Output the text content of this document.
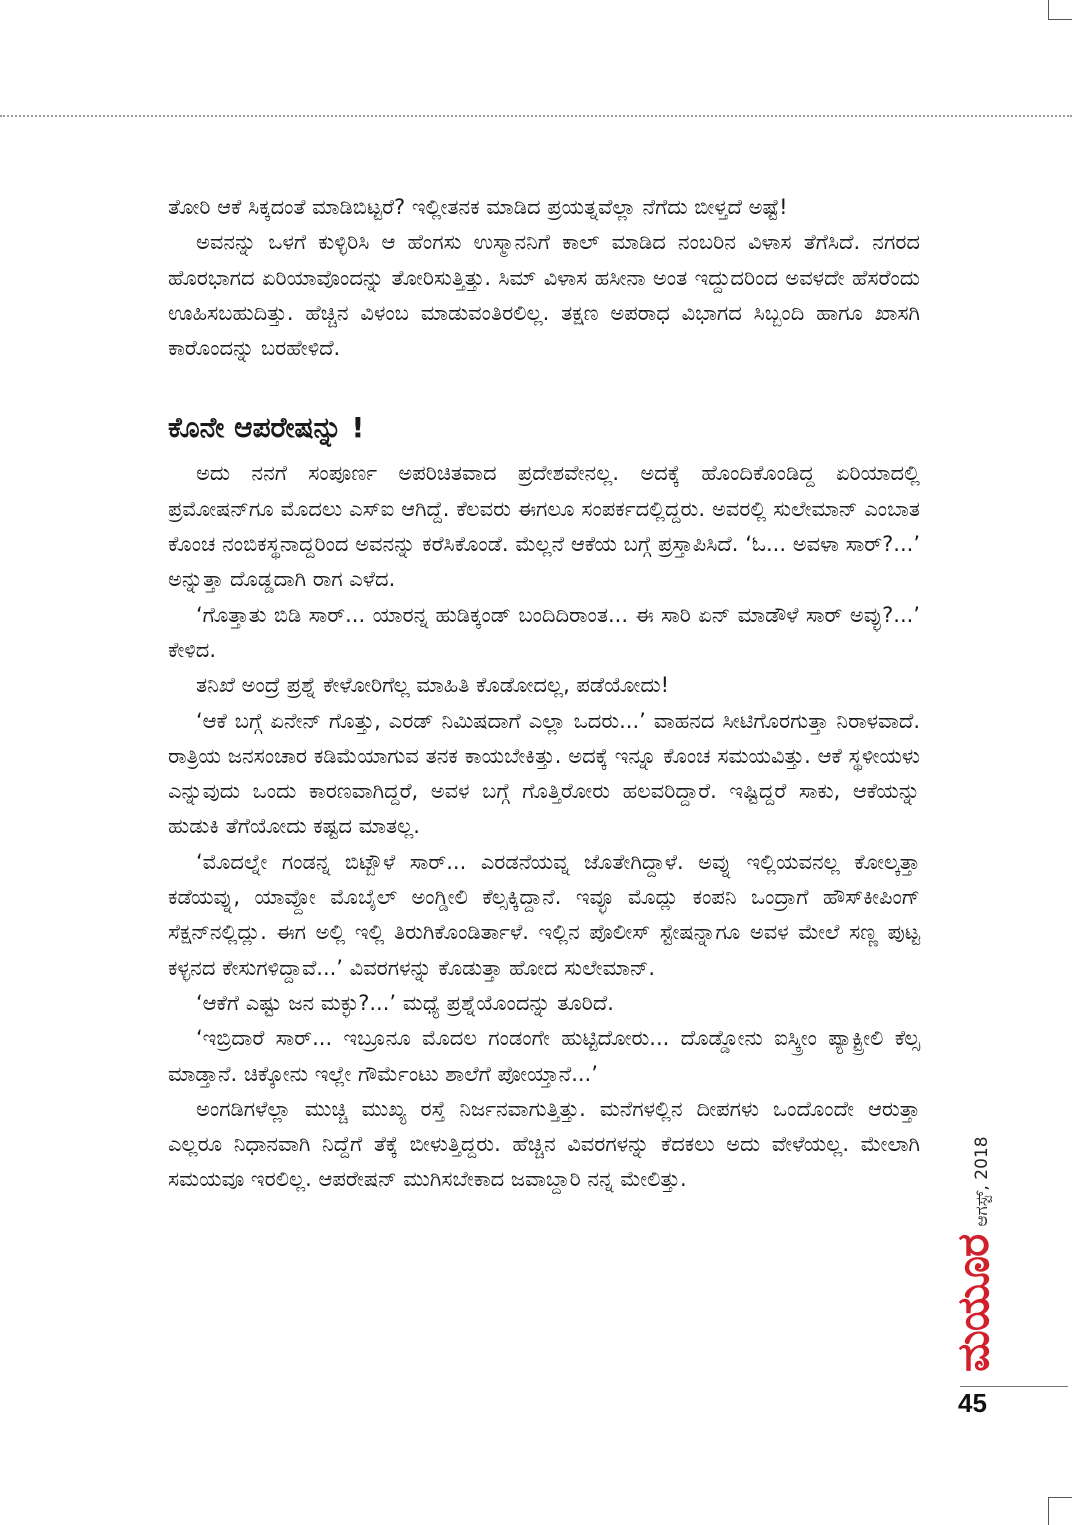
ತೋರಿ ಆಕೆ ಸಿಕ್ಕದಂತೆ ಮಾಡಿಬಿಟ್ಟರೆ? ಇಲ್ಲೀತನಕ ಮಾಡಿದ ಪ್ರಯತ್ನವೆಲ್ಲಾ ನೆಗೆದು ಬೀಳ್ತದೆ ಅಷ್ಟೆ!

ಅವನನ್ನು ಒಳಗೆ ಕುಳ್ಳಿರಿಸಿ ಆ ಹೆಂಗಸು ಉಸ್ಮಾನನಿಗೆ ಕಾಲ್ ಮಾಡಿದ ನಂಬರಿನ ವಿಳಾಸ ತೆಗೆಸಿದೆ. ನಗರದ ಹೊರಭಾಗದ ಏರಿಯಾವೊಂದನ್ನು ತೋರಿಸುತ್ತಿತ್ತು. ಸಿಮ್ ವಿಳಾಸ ಹಸೀನಾ ಅಂತ ಇದ್ದುದರಿಂದ ಅವಳದೇ ಹೆಸರೆಂದು ಊಹಿಸಬಹುದಿತ್ತು. ಹೆಚ್ಚಿನ ವಿಳಂಬ ಮಾಡುವಂತಿರಲಿಲ್ಲ. ತಕ್ಷಣ ಅಪರಾಧ ವಿಭಾಗದ ಸಿಬ್ಬಂದಿ ಹಾಗೂ ಖಾಸಗಿ ಕಾರೊಂದನ್ನು ಬರಹೇಳಿದೆ.

ಕೊನೇ ಆಪರೇಷನ್ನು !

ಅದು ನನಗೆ ಸಂಪೂರ್ಣ ಅಪರಿಚಿತವಾದ ಪ್ರದೇಶವೇನಲ್ಲ. ಅದಕ್ಕೆ ಹೊಂದಿಕೊಂಡಿದ್ದ ಏರಿಯಾದಲ್ಲಿ ಪ್ರಮೋಷನ್‌ಗೂ ಮೊದಲು ಎಸ್‌ಐ ಆಗಿದ್ದೆ. ಕೆಲವರು ಈಗಲೂ ಸಂಪರ್ಕದಲ್ಲಿದ್ದರು. ಅವರಲ್ಲಿ ಸುಲೇಮಾನ್ ಎಂಬಾತ ಕೊಂಚ ನಂಬಿಕಸ್ಥನಾದ್ದರಿಂದ ಅವನನ್ನು ಕರೆಸಿಕೊಂಡೆ. ಮೆಲ್ಲನೆ ಆಕೆಯ ಬಗ್ಗೆ ಪ್ರಸ್ತಾಪಿಸಿದೆ. ‘ಓ... ಅವಳಾ ಸಾರ್?...’ ಅನ್ನುತ್ತಾ ದೊಡ್ಡದಾಗಿ ರಾಗ ಎಳೆದ.

‘ಗೊತ್ತಾತು ಬಿಡಿ ಸಾರ್... ಯಾರನ್ನ ಹುಡಿಕ್ಕಂಡ್ ಬಂದಿದಿರಾಂತ... ಈ ಸಾರಿ ಏನ್ ಮಾಡೌಳೆ ಸಾರ್ ಅವ್ಳು?...’ ಕೇಳಿದ.

ತನಿಖೆ ಅಂದ್ರೆ ಪ್ರಶ್ನೆ ಕೇಳೋರಿಗೆಲ್ಲ ಮಾಹಿತಿ ಕೊಡೋದಲ್ಲ, ಪಡೆಯೋದು!

‘ಆಕೆ ಬಗ್ಗೆ ಏನೇನ್ ಗೊತ್ತು, ಎರಡ್ ನಿಮಿಷದಾಗೆ ಎಲ್ಲಾ ಒದರು...’ ವಾಹನದ ಸೀಟಿಗೊರಗುತ್ತಾ ನಿರಾಳವಾದೆ. ರಾತ್ರಿಯ ಜನಸಂಚಾರ ಕಡಿಮೆಯಾಗುವ ತನಕ ಕಾಯಬೇಕಿತ್ತು. ಅದಕ್ಕೆ ಇನ್ನೂ ಕೊಂಚ ಸಮಯವಿತ್ತು. ಆಕೆ ಸ್ಥಳೀಯಳು ಎನ್ನುವುದು ಒಂದು ಕಾರಣವಾಗಿದ್ದರೆ, ಅವಳ ಬಗ್ಗೆ ಗೊತ್ತಿರೋರು ಹಲವರಿದ್ದಾರೆ. ಇಷ್ಟಿದ್ದರೆ ಸಾಕು, ಆಕೆಯನ್ನು ಹುಡುಕಿ ತೆಗೆಯೋದು ಕಷ್ಟದ ಮಾತಲ್ಲ.

‘ಮೊದಲ್ನೇ ಗಂಡನ್ನ ಬಿಟ್ಬೌಳೆ ಸಾರ್... ಎರಡನೆಯವ್ನ ಜೊತೇಗಿದ್ದಾಳೆ. ಅವ್ನು ಇಲ್ಲಿಯವನಲ್ಲ ಕೋಲ್ಕತ್ತಾ ಕಡೆಯವ್ನು, ಯಾವ್ದೋ ಮೊಬೈಲ್ ಅಂಗ್ಡೀಲಿ ಕೆಲ್ಸಕ್ಕಿದ್ದಾನೆ. ಇವ್ಳೂ ಮೊದ್ಲು ಕಂಪನಿ ಒಂದ್ರಾಗೆ ಹೌಸ್‌ಕೀಪಿಂಗ್ ಸೆಕ್ಷನ್‌ನಲ್ಲಿದ್ಲು. ಈಗ ಅಲ್ಲಿ ಇಲ್ಲಿ ತಿರುಗಿಕೊಂಡಿರ್ತಾಳೆ. ಇಲ್ಲಿನ ಪೊಲೀಸ್ ಸ್ಟೇಷನ್ನಾಗೂ ಅವಳ ಮೇಲೆ ಸಣ್ಣ ಪುಟ್ಟ ಕಳ್ಳನದ ಕೇಸುಗಳಿದ್ದಾವೆ...’ ವಿವರಗಳನ್ನು ಕೊಡುತ್ತಾ ಹೋದ ಸುಲೇಮಾನ್.

‘ಆಕೆಗೆ ಎಷ್ಟು ಜನ ಮಕ್ಳು?...’ ಮಧ್ಯೆ ಪ್ರಶ್ನೆಯೊಂದನ್ನು ತೂರಿದೆ.

‘ಇಬ್ರಿದಾರೆ ಸಾರ್... ಇಬ್ರೂನೂ ಮೊದಲ ಗಂಡಂಗೇ ಹುಟ್ಟಿದೋರು... ದೊಡ್ಡೋನು ಐಸ್ಕ್ರೀಂ ಪ್ಯಾಕ್ಟ್ರೀಲಿ ಕೆಲ್ಸ ಮಾಡ್ತಾನೆ. ಚಿಕ್ಕೋನು ಇಲ್ಲೇ ಗೌರ್ಮೆಂಟು ಶಾಲೆಗೆ ಪೋಯ್ತಾನೆ...’

ಅಂಗಡಿಗಳೆಲ್ಲಾ ಮುಚ್ಚಿ ಮುಖ್ಯ ರಸ್ತೆ ನಿರ್ಜನವಾಗುತ್ತಿತ್ತು. ಮನೆಗಳಲ್ಲಿನ ದೀಪಗಳು ಒಂದೊಂದೇ ಆರುತ್ತಾ ಎಲ್ಲರೂ ನಿಧಾನವಾಗಿ ನಿದ್ದೆಗೆ ತೆಕ್ಕೆ ಬೀಳುತ್ತಿದ್ದರು. ಹೆಚ್ಚಿನ ವಿವರಗಳನ್ನು ಕೆದಕಲು ಅದು ವೇಳೆಯಲ್ಲ. ಮೇಲಾಗಿ ಸಮಯವೂ ಇರಲಿಲ್ಲ. ಆಪರೇಷನ್ ಮುಗಿಸಬೇಕಾದ ಜವಾಬ್ದಾರಿ ನನ್ನ ಮೇಲಿತ್ತು.

ಮಯೂರ
ಆಗಸ್ಟ್, 2018
45
